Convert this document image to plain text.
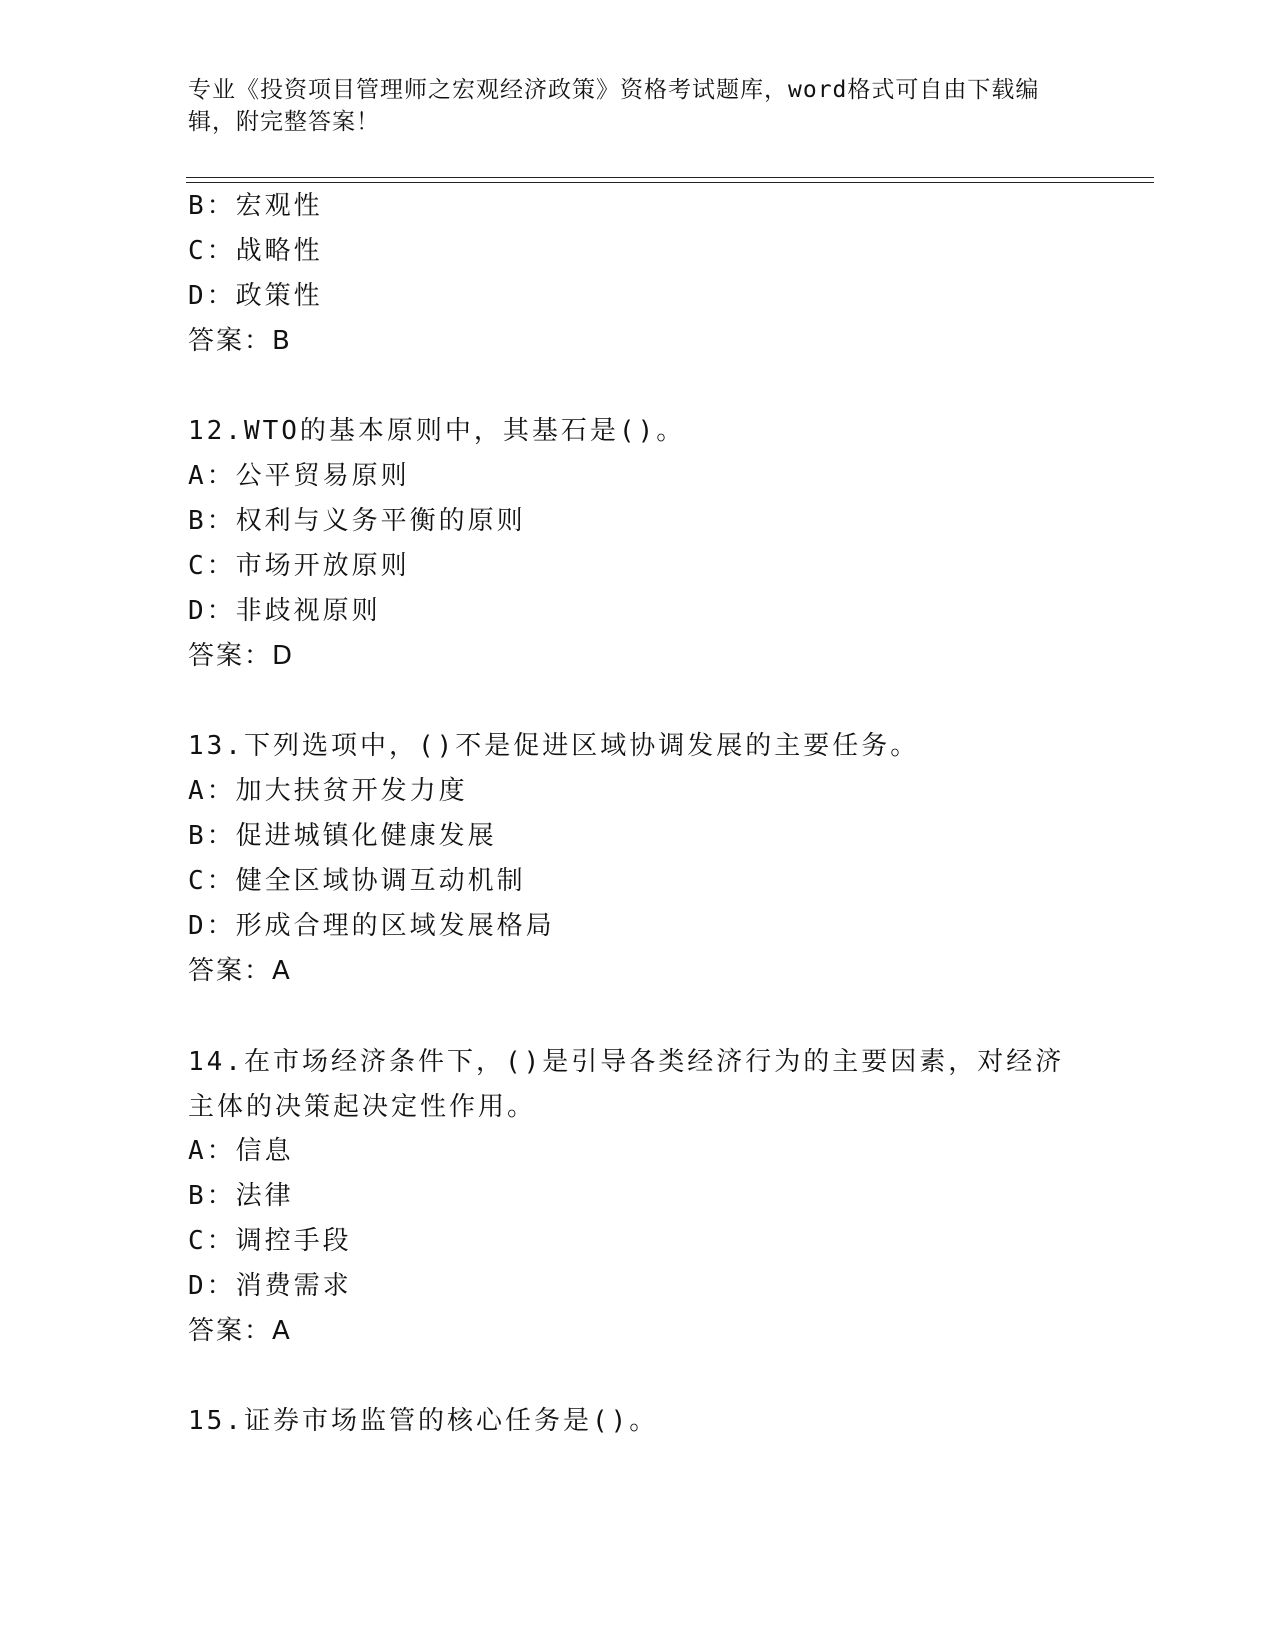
专业《投资项目管理师之宏观经济政策》资格考试题库，word格式可自由下载编辑，附完整答案！
B：宏观性
C：战略性
D：政策性
答案：B
12.WTO的基本原则中，其基石是()。
A：公平贸易原则
B：权利与义务平衡的原则
C：市场开放原则
D：非歧视原则
答案：D
13.下列选项中，()不是促进区域协调发展的主要任务。
A：加大扶贫开发力度
B：促进城镇化健康发展
C：健全区域协调互动机制
D：形成合理的区域发展格局
答案：A
14.在市场经济条件下，()是引导各类经济行为的主要因素，对经济主体的决策起决定性作用。
A：信息
B：法律
C：调控手段
D：消费需求
答案：A
15.证券市场监管的核心任务是()。
